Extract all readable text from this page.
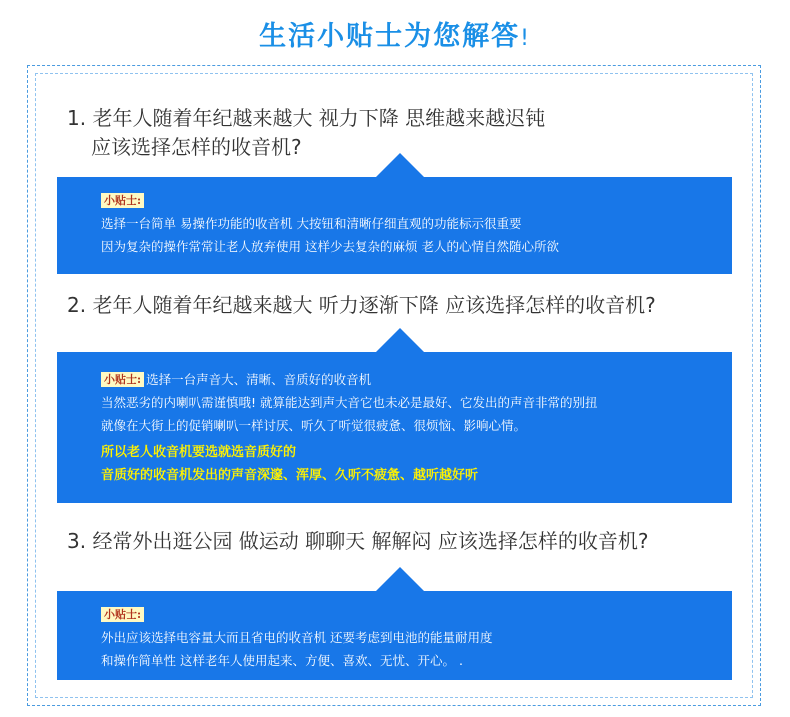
生活小贴士为您解答!
1. 老年人随着年纪越来越大 视力下降 思维越来越迟钝
应该选择怎样的收音机?
小贴士:
选择一台简单 易操作功能的收音机 大按钮和清晰仔细直观的功能标示很重要
因为复杂的操作常常让老人放弃使用 这样少去复杂的麻烦 老人的心情自然随心所欲
2. 老年人随着年纪越来越大 听力逐渐下降 应该选择怎样的收音机?
小贴士: 选择一台声音大、清晰、音质好的收音机
当然恶劣的内喇叭需谨慎哦! 就算能达到声大音它也未必是最好、它发出的声音非常的别扭
就像在大街上的促销喇叭一样讨厌、听久了听觉很疲惫、很烦恼、影响心情。
所以老人收音机要选就选音质好的
音质好的收音机发出的声音深邃、浑厚、久听不疲惫、越听越好听
3. 经常外出逛公园 做运动 聊聊天 解解闷 应该选择怎样的收音机?
小贴士:
外出应该选择电容量大而且省电的收音机 还要考虑到电池的能量耐用度
和操作简单性 这样老年人使用起来、方便、喜欢、无忧、开心。 .
